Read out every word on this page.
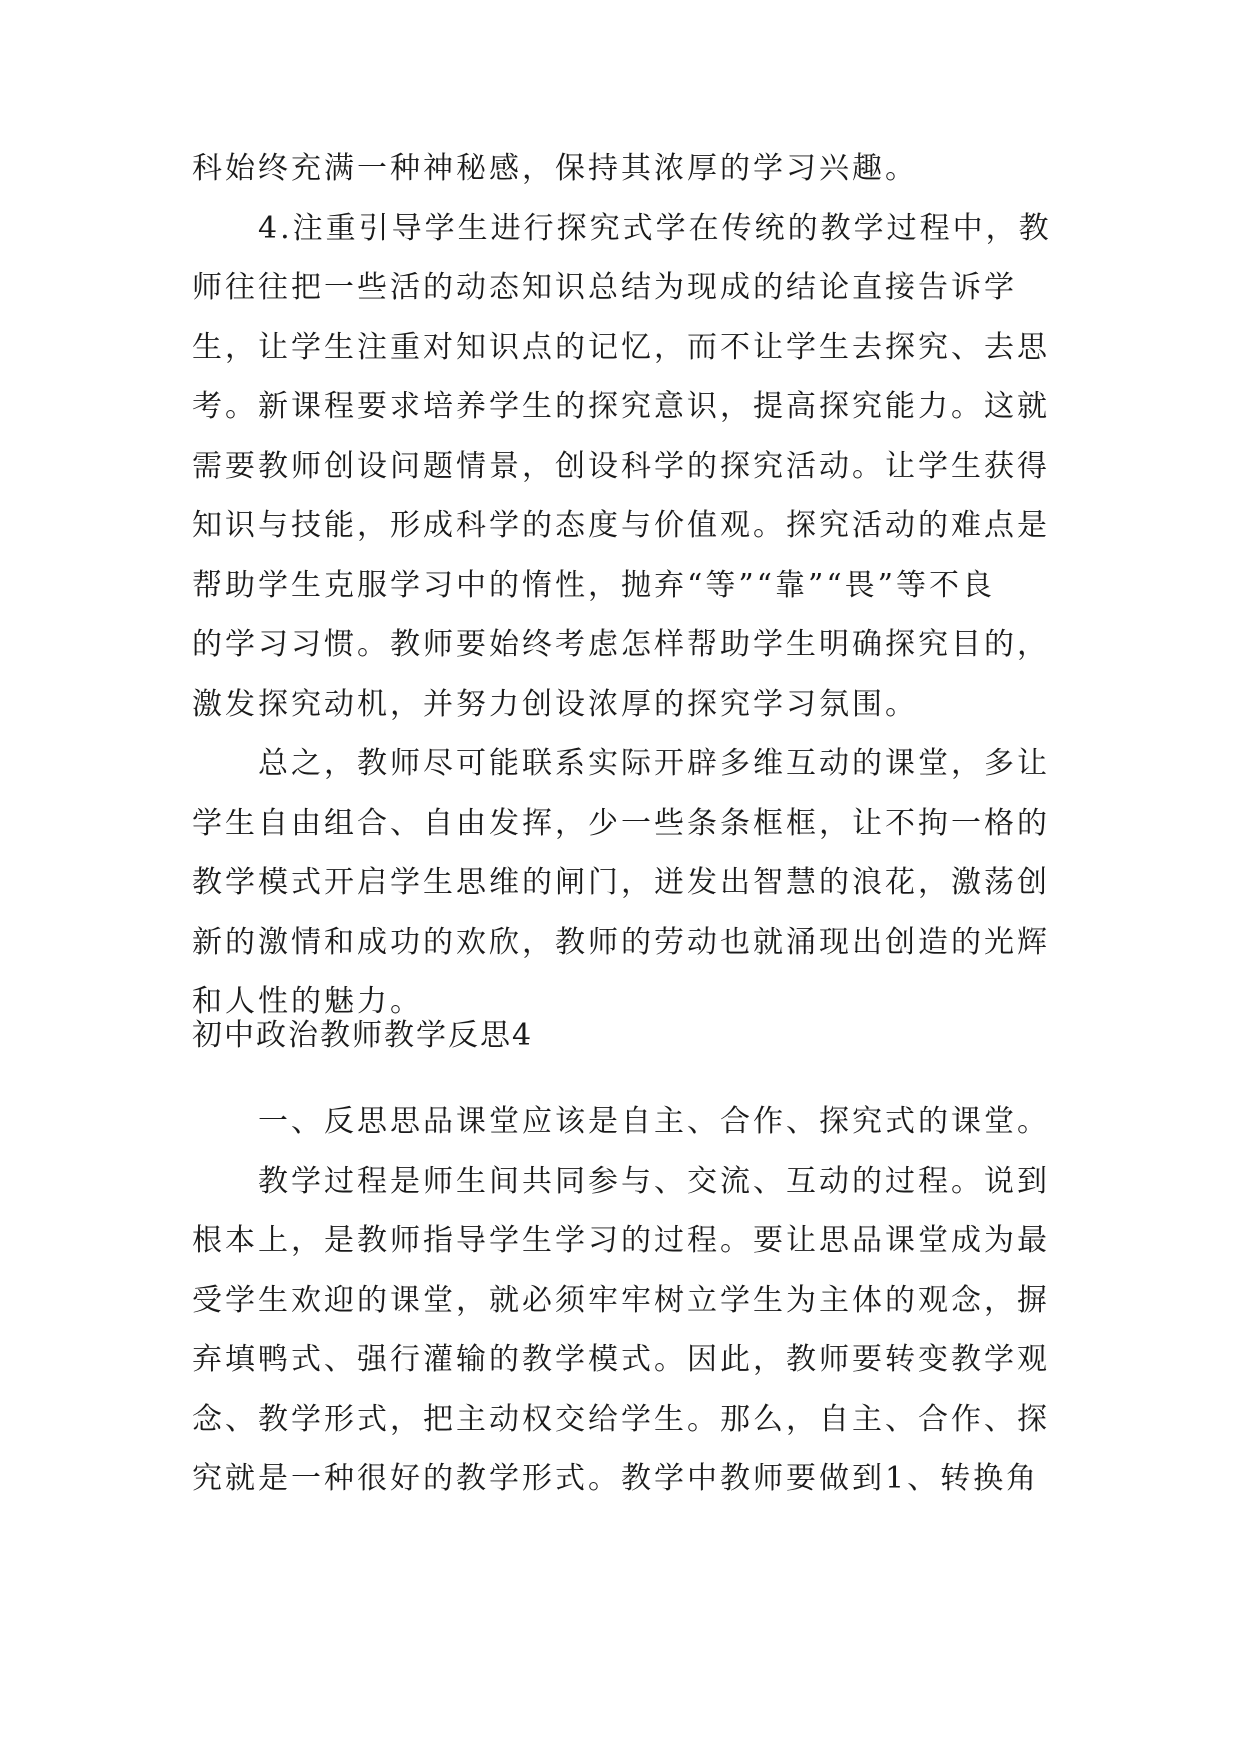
科始终充满一种神秘感，保持其浓厚的学习兴趣。
4.注重引导学生进行探究式学在传统的教学过程中，教
师往往把一些活的动态知识总结为现成的结论直接告诉学
生，让学生注重对知识点的记忆，而不让学生去探究、去思
考。新课程要求培养学生的探究意识，提高探究能力。这就
需要教师创设问题情景，创设科学的探究活动。让学生获得
知识与技能，形成科学的态度与价值观。探究活动的难点是
帮助学生克服学习中的惰性，抛弃“等”“靠”“畏”等不良
的学习习惯。教师要始终考虑怎样帮助学生明确探究目的，
激发探究动机，并努力创设浓厚的探究学习氛围。
总之，教师尽可能联系实际开辟多维互动的课堂，多让
学生自由组合、自由发挥，少一些条条框框，让不拘一格的
教学模式开启学生思维的闸门，迸发出智慧的浪花，激荡创
新的激情和成功的欢欣，教师的劳动也就涌现出创造的光辉
和人性的魅力。
初中政治教师教学反思4
一、反思思品课堂应该是自主、合作、探究式的课堂。
教学过程是师生间共同参与、交流、互动的过程。说到
根本上，是教师指导学生学习的过程。要让思品课堂成为最
受学生欢迎的课堂，就必须牢牢树立学生为主体的观念，摒
弃填鸭式、强行灌输的教学模式。因此，教师要转变教学观
念、教学形式，把主动权交给学生。那么，自主、合作、探
究就是一种很好的教学形式。教学中教师要做到1、转换角
